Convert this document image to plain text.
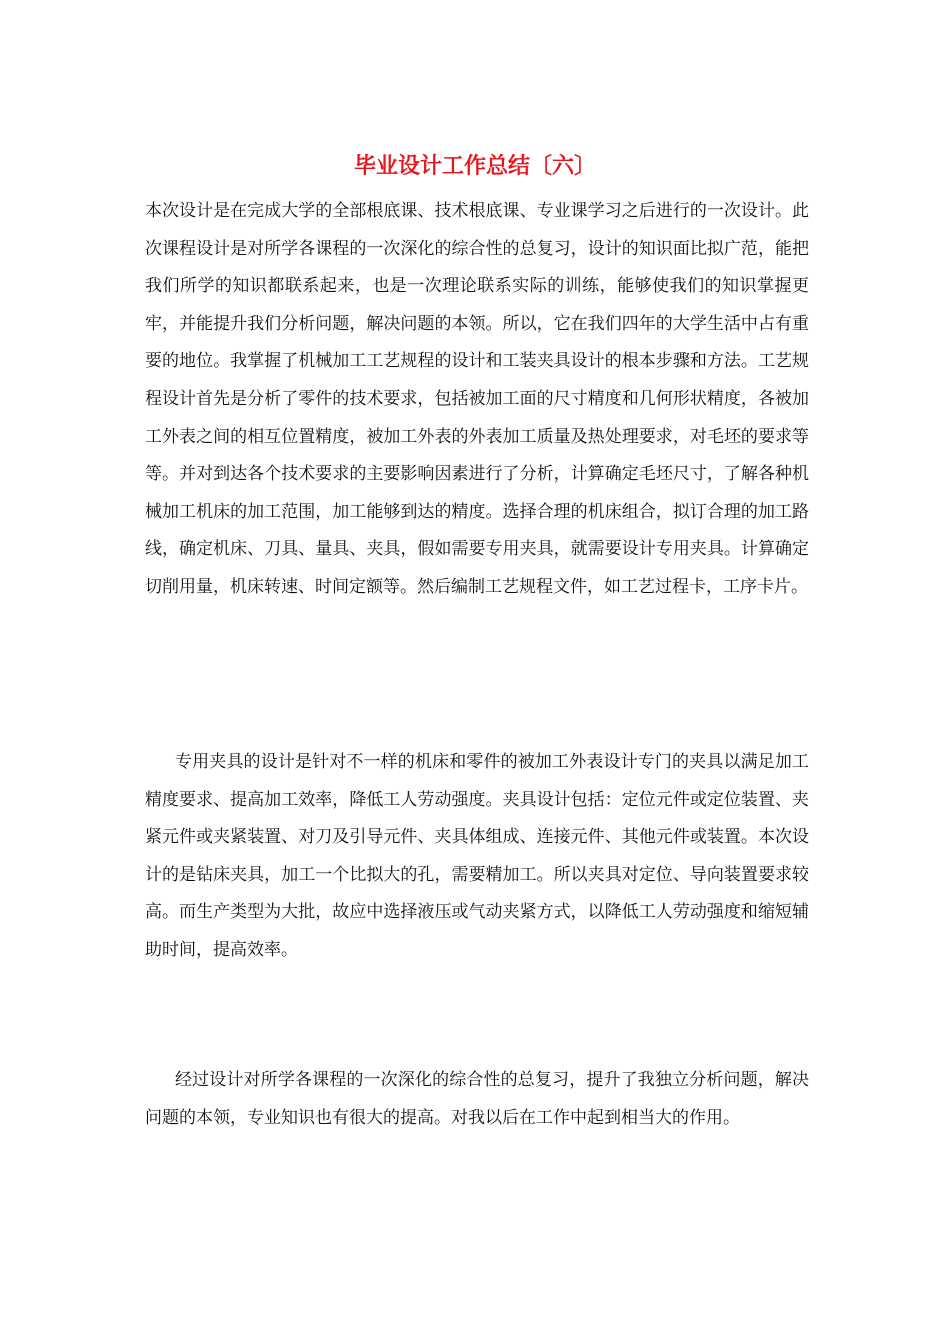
毕业设计工作总结〔六〕

本次设计是在完成大学的全部根底课、技术根底课、专业课学习之后进行的一次设计。此次课程设计是对所学各课程的一次深化的综合性的总复习，设计的知识面比拟广范，能把我们所学的知识都联系起来，也是一次理论联系实际的训练，能够使我们的知识掌握更牢，并能提升我们分析问题，解决问题的本领。所以，它在我们四年的大学生活中占有重要的地位。我掌握了机械加工工艺规程的设计和工装夹具设计的根本步骤和方法。工艺规程设计首先是分析了零件的技术要求，包括被加工面的尺寸精度和几何形状精度，各被加工外表之间的相互位置精度，被加工外表的外表加工质量及热处理要求，对毛坯的要求等等。并对到达各个技术要求的主要影响因素进行了分析，计算确定毛坯尺寸，了解各种机械加工机床的加工范围，加工能够到达的精度。选择合理的机床组合，拟订合理的加工路线，确定机床、刀具、量具、夹具，假如需要专用夹具，就需要设计专用夹具。计算确定切削用量，机床转速、时间定额等。然后编制工艺规程文件，如工艺过程卡，工序卡片。

专用夹具的设计是针对不一样的机床和零件的被加工外表设计专门的夹具以满足加工精度要求、提高加工效率，降低工人劳动强度。夹具设计包括：定位元件或定位装置、夹紧元件或夹紧装置、对刀及引导元件、夹具体组成、连接元件、其他元件或装置。本次设计的是钻床夹具，加工一个比拟大的孔，需要精加工。所以夹具对定位、导向装置要求较高。而生产类型为大批，故应中选择液压或气动夹紧方式，以降低工人劳动强度和缩短辅助时间，提高效率。

经过设计对所学各课程的一次深化的综合性的总复习，提升了我独立分析问题，解决问题的本领，专业知识也有很大的提高。对我以后在工作中起到相当大的作用。
